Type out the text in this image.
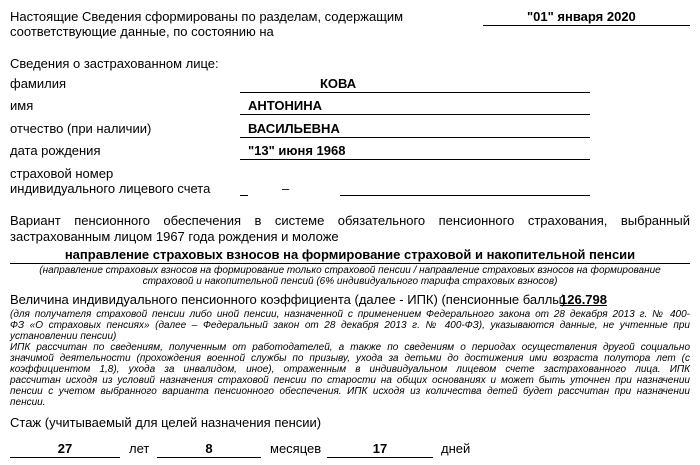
Настоящие Сведения сформированы по разделам, содержащим
соответствующие данные, по состоянию на
"01" января 2020
Сведения о застрахованном лице:
фамилия	КОВА
имя	АНТОНИНА
отчество (при наличии)	ВАСИЛЬЕВНА
дата рождения	"13" июня 1968
страховой номер
индивидуального лицевого счета	–
Вариант пенсионного обеспечения в системе обязательного пенсионного страхования, выбранный
застрахованным лицом 1967 года рождения и моложе
направление страховых взносов на формирование страховой и накопительной пенсии
(направление страховых взносов на формирование только страховой пенсии / направление страховых взносов на формирование
страховой и накопительной пенсий (6% индивидуального тарифа страховых взносов)
Величина индивидуального пенсионного коэффициента (далее - ИПК) (пенсионные баллы)
126.798
(для получателя страховой пенсии либо иной пенсии, назначенной с применением Федерального закона от 28 декабря 2013 г. № 400-
ФЗ «О страховых пенсиях» (далее – Федеральный закон от 28 декабря 2013 г. № 400-ФЗ), указываются данные, не учтенные при
установлении пенсии)
ИПК рассчитан по сведениям, полученным от работодателей, а также по сведениям о периодах осуществления другой социально
значимой деятельности (прохождения военной службы по призыву, ухода за детьми до достижения ими возраста полутора лет (с
коэффициентом 1,8), ухода за инвалидом, иное), отраженным в индивидуальном лицевом счете застрахованного лица. ИПК
рассчитан исходя из условий назначения страховой пенсии по старости на общих основаниях и может быть уточнен при назначении
пенсии с учетом выбранного варианта пенсионного обеспечения. ИПК исходя из количества детей будет рассчитан при назначении
пенсии.
Стаж (учитываемый для целей назначения пенсии)
27	лет	8	месяцев	17	дней
